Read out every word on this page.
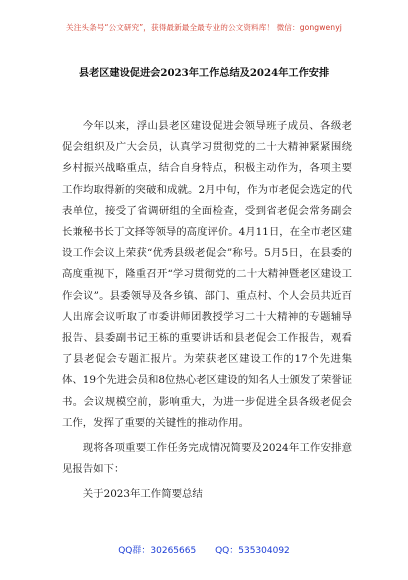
关注头条号“公文研究”，获得最新最全最专业的公文资料库！ 微信：gongwenyj
县老区建设促进会2023年工作总结及2024年工作安排

今年以来，浮山县老区建设促进会领导班子成员、各级老促会组织及广大会员，认真学习贯彻党的二十大精神紧紧围绕乡村振兴战略重点，结合自身特点，积极主动作为，各项主要工作均取得新的突破和成就。2月中旬，作为市老促会选定的代表单位，接受了省调研组的全面检查，受到省老促会常务副会长兼秘书长丁文择等领导的高度评价。4月11日，在全市老区建设工作会议上荣获“优秀县级老促会”称号。5月5日，在县委的高度重视下，隆重召开“学习贯彻党的二十大精神暨老区建设工作会议”。县委领导及各乡镇、部门、重点村、个人会员共近百人出席会议听取了市委讲师团教授学习二十大精神的专题辅导报告、县委副书记王栋的重要讲话和县老促会工作报告，观看了县老促会专题汇报片。为荣获老区建设工作的17个先进集体、19个先进会员和8位热心老区建设的知名人士颁发了荣誉证书。会议规模空前，影响重大，为进一步促进全县各级老促会工作，发挥了重要的关键性的推动作用。

现将各项重要工作任务完成情况简要及2024年工作安排意见报告如下：

关于2023年工作简要总结

QQ群：30265665 QQ：535304092
